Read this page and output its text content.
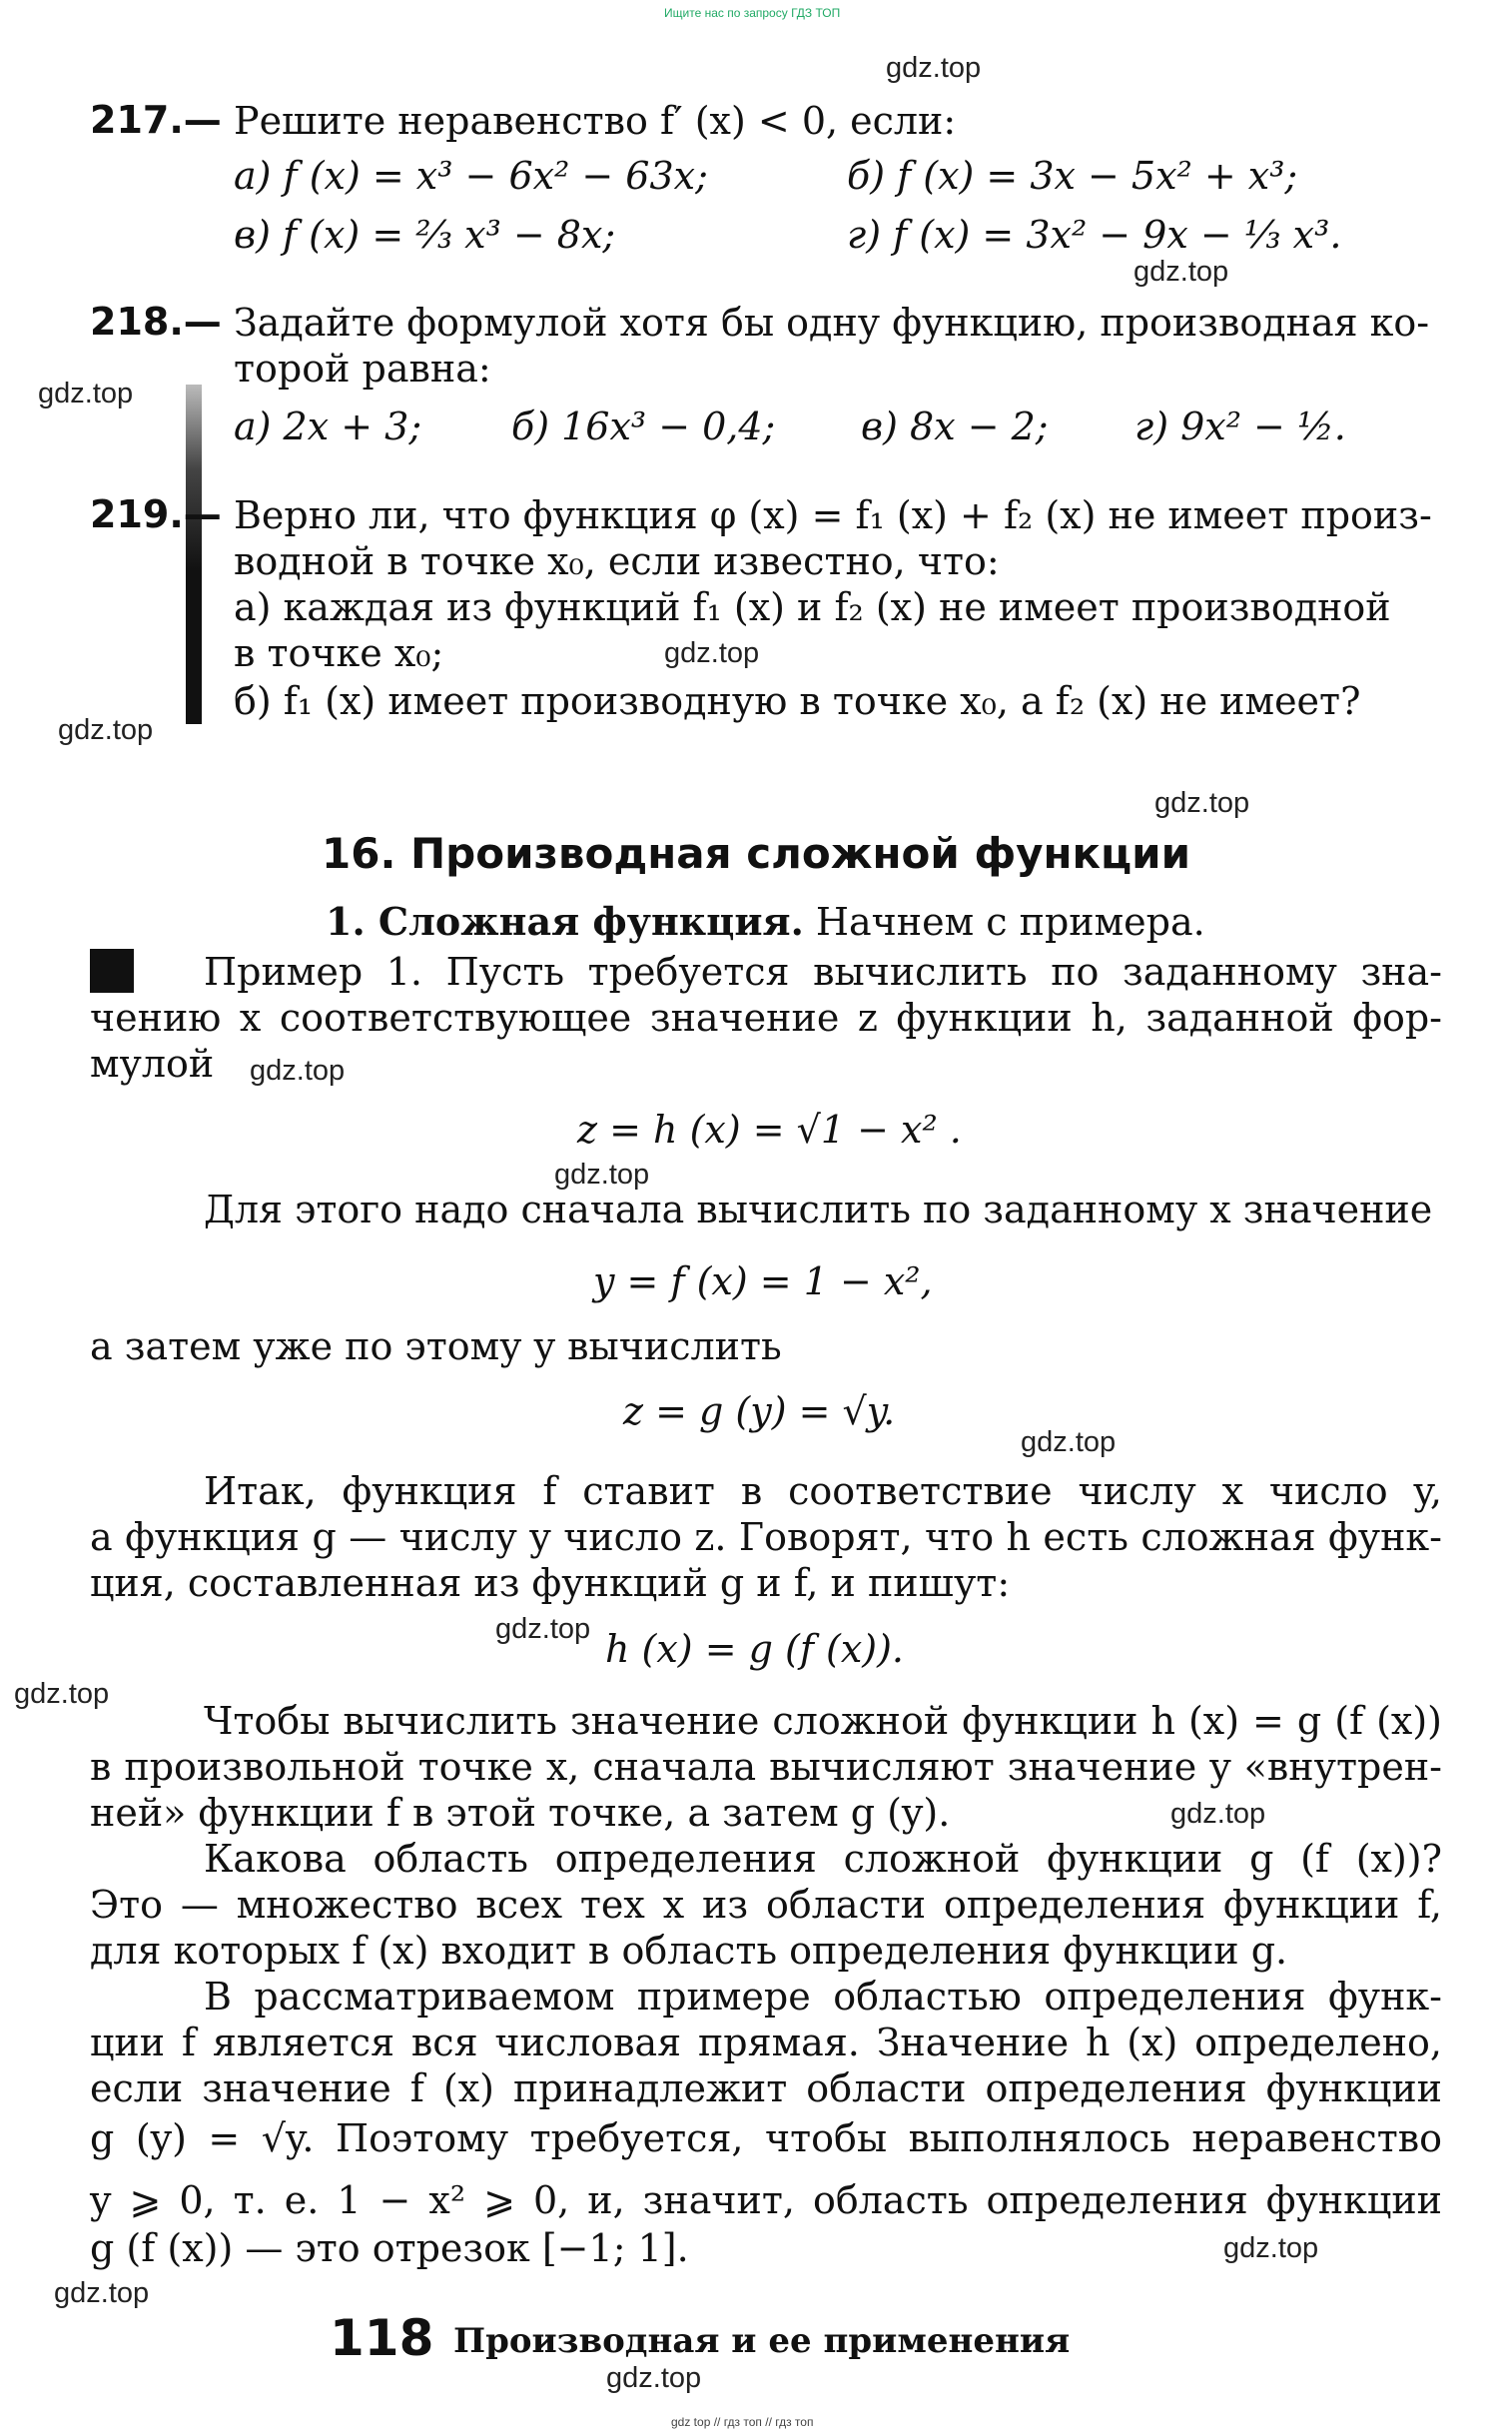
Ищите нас по запросу ГДЗ ТОП
gdz.top
gdz.top
gdz.top
gdz.top
gdz.top
gdz.top
gdz.top
gdz.top
gdz.top
gdz.top
gdz.top
gdz.top
gdz.top
gdz.top
gdz.top
217.— Решите неравенство f′ (x) < 0, если:
а) f (x) = x³ − 6x² − 63x;	б) f (x) = 3x − 5x² + x³;
в) f (x) = ²⁄₃ x³ − 8x;	г) f (x) = 3x² − 9x − ¹⁄₃ x³.
218.— Задайте формулой хотя бы одну функцию, производная ко-
торой равна:
а) 2x + 3; б) 16x³ − 0,4; в) 8x − 2; г) 9x² − ½.
219.— Верно ли, что функция φ (x) = f₁ (x) + f₂ (x) не имеет произ-
водной в точке x₀, если известно, что:
а) каждая из функций f₁ (x) и f₂ (x) не имеет производной
в точке x₀;
б) f₁ (x) имеет производную в точке x₀, а f₂ (x) не имеет?
16. Производная сложной функции
1. Сложная функция. Начнем с примера.
Пример 1. Пусть требуется вычислить по заданному зна-
чению x соответствующее значение z функции h, заданной фор-
мулой
z = h (x) = √1 − x² .
Для этого надо сначала вычислить по заданному x значение
y = f (x) = 1 − x²,
а затем уже по этому y вычислить
z = g (y) = √y.
Итак, функция f ставит в соответствие числу x число y,
а функция g — числу y число z. Говорят, что h есть сложная функ-
ция, составленная из функций g и f, и пишут:
h (x) = g (f (x)).
Чтобы вычислить значение сложной функции h (x) = g (f (x))
в произвольной точке x, сначала вычисляют значение y «внутрен-
ней» функции f в этой точке, а затем g (y).
Какова область определения сложной функции g (f (x))?
Это — множество всех тех x из области определения функции f,
для которых f (x) входит в область определения функции g.
В рассматриваемом примере областью определения функ-
ции f является вся числовая прямая. Значение h (x) определено,
если значение f (x) принадлежит области определения функции
g (y) = √y. Поэтому требуется, чтобы выполнялось неравенство
y ⩾ 0, т. е. 1 − x² ⩾ 0, и, значит, область определения функции
g (f (x)) — это отрезок [−1; 1].
118 Производная и ее применения
gdz top // гдз топ // гдз топ
